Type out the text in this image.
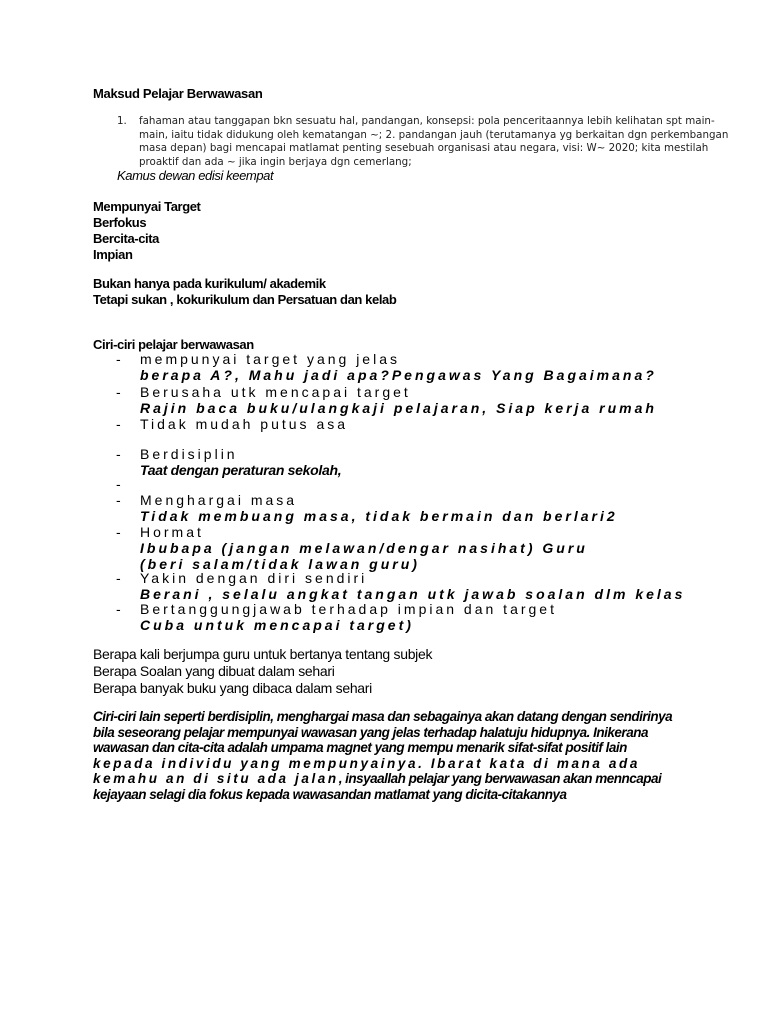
Maksud Pelajar Berwawasan
1. fahaman atau tanggapan bkn sesuatu hal, pandangan, konsepsi: pola penceritaannya lebih kelihatan spt main-main, iaitu tidak didukung oleh kematangan ~; 2. pandangan jauh (terutamanya yg berkaitan dgn perkembangan masa depan) bagi mencapai matlamat penting sesebuah organisasi atau negara, visi: W~ 2020; kita mestilah proaktif dan ada ~ jika ingin berjaya dgn cemerlang;
Kamus dewan edisi keempat
Mempunyai Target
Berfokus
Bercita-cita
Impian
Bukan hanya pada kurikulum/ akademik
Tetapi sukan , kokurikulum dan Persatuan dan kelab
Ciri-ciri pelajar berwawasan
- mempunyai target yang jelas
berapa A?, Mahu jadi apa?Pengawas Yang Bagaimana?
- Berusaha utk mencapai target
Rajin baca buku/ulangkaji pelajaran, Siap kerja rumah
- Tidak mudah putus asa
- Berdisiplin
Taat dengan peraturan sekolah,
-
- Menghargai masa
Tidak membuang masa, tidak bermain dan berlari2
- Hormat
Ibubapa (jangan melawan/dengar nasihat) Guru (beri salam/tidak lawan guru)
- Yakin dengan diri sendiri
Berani , selalu angkat tangan utk jawab soalan dlm kelas
- Bertanggungjawab terhadap impian dan target
Cuba untuk mencapai target)
Berapa kali berjumpa guru untuk bertanya tentang subjek
Berapa Soalan yang dibuat dalam sehari
Berapa banyak buku yang dibaca dalam sehari
Ciri-ciri lain seperti berdisiplin, menghargai masa dan sebagainya akan datang dengan sendirinya bila seseorang pelajar mempunyai wawasan yang jelas terhadap halatuju hidupnya. Inikerana wawasan dan cita-cita adalah umpama magnet yang mempu menarik sifat-sifat positif lain
kepada individu yang mempunyainya. Ibarat kata di mana ada kemahu an di situ ada jalan,insyaallah pelajar yang berwawasan akan menncapai kejayaan selagi dia fokus kepada wawasandan matlamat yang dicita-citakannya
